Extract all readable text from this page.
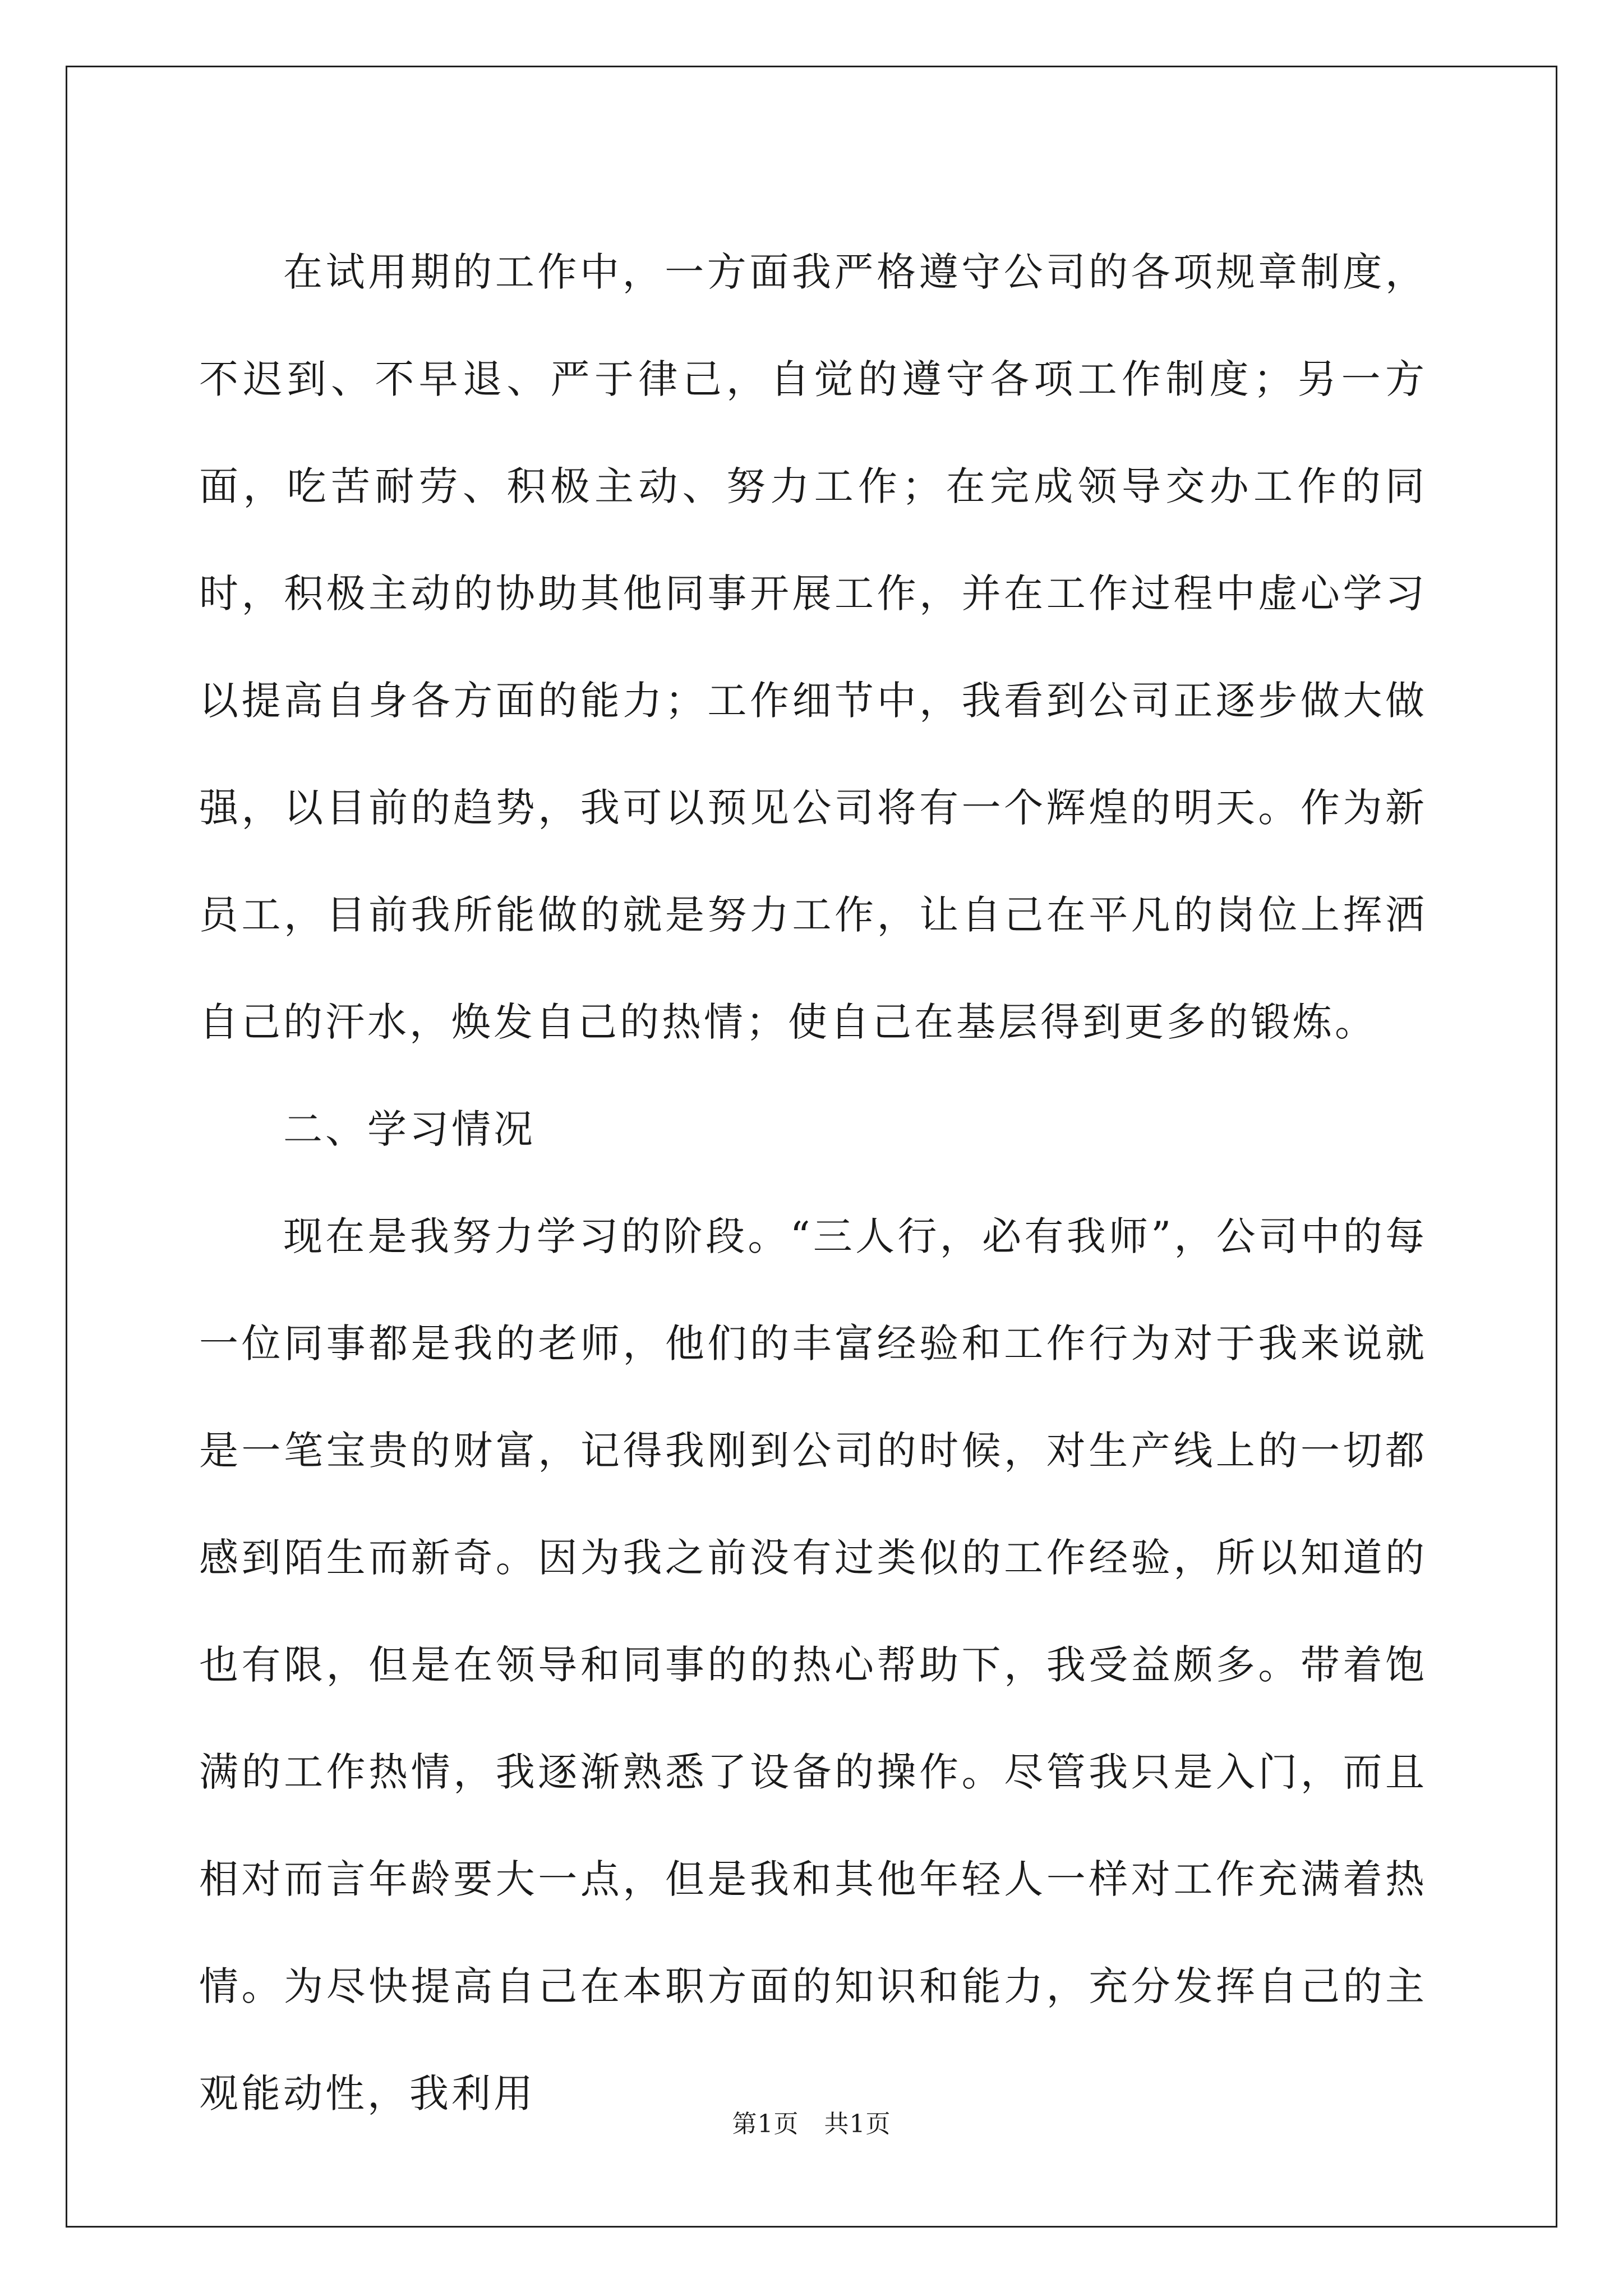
在试用期的工作中，一方面我严格遵守公司的各项规章制度，不迟到、不早退、严于律己，自觉的遵守各项工作制度；另一方面，吃苦耐劳、积极主动、努力工作；在完成领导交办工作的同时，积极主动的协助其他同事开展工作，并在工作过程中虚心学习以提高自身各方面的能力；工作细节中，我看到公司正逐步做大做强，以目前的趋势，我可以预见公司将有一个辉煌的明天。作为新员工，目前我所能做的就是努力工作，让自己在平凡的岗位上挥洒自己的汗水，焕发自己的热情；使自己在基层得到更多的锻炼。

二、学习情况

现在是我努力学习的阶段。“三人行，必有我师”，公司中的每一位同事都是我的老师，他们的丰富经验和工作行为对于我来说就是一笔宝贵的财富，记得我刚到公司的时候，对生产线上的一切都感到陌生而新奇。因为我之前没有过类似的工作经验，所以知道的也有限，但是在领导和同事的的热心帮助下，我受益颇多。带着饱满的工作热情，我逐渐熟悉了设备的操作。尽管我只是入门，而且相对而言年龄要大一点，但是我和其他年轻人一样对工作充满着热情。为尽快提高自己在本职方面的知识和能力，充分发挥自己的主观能动性，我利用

第1页   共1页
